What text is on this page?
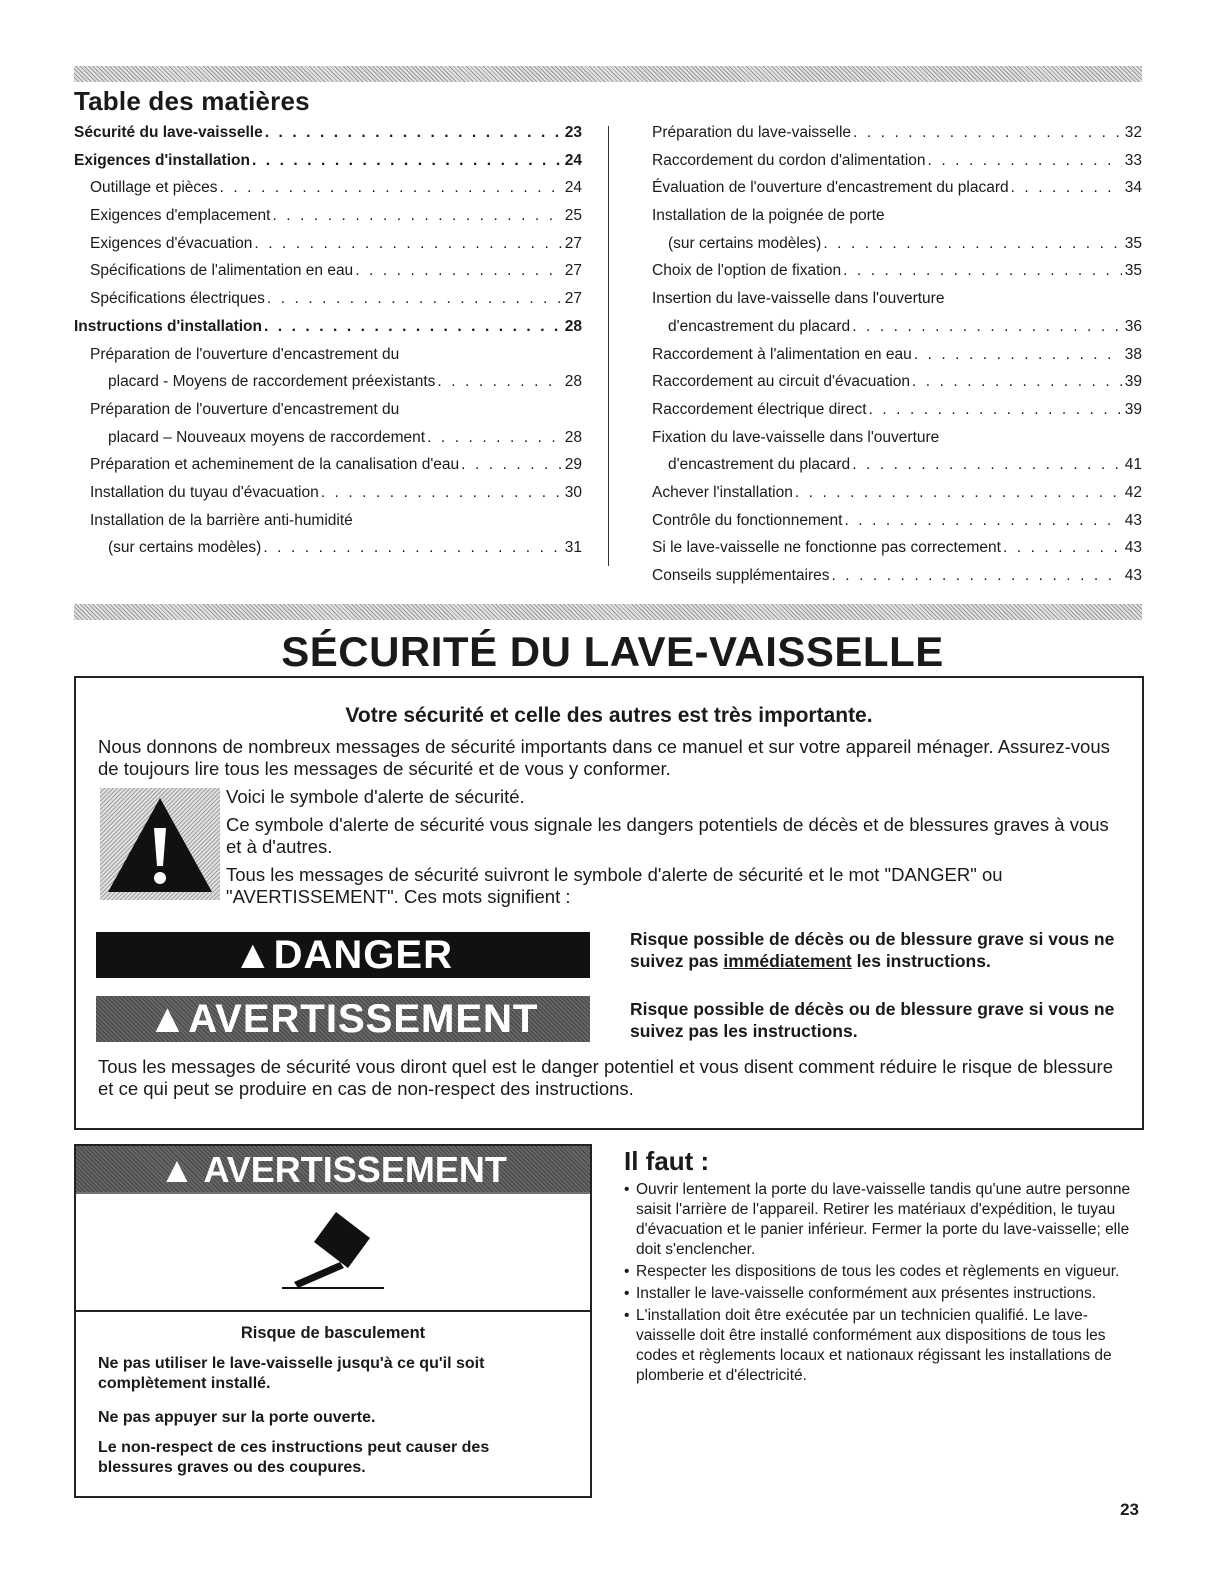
Table des matières
Sécurité du lave-vaisselle . . .	23
Exigences d'installation . . .	24
Outillage et pièces . . .	24
Exigences d'emplacement . . .	25
Exigences d'évacuation . . .	27
Spécifications de l'alimentation en eau . . .	27
Spécifications électriques . . .	27
Instructions d'installation . . .	28
Préparation de l'ouverture d'encastrement du
placard - Moyens de raccordement préexistants . . .	28
Préparation de l'ouverture d'encastrement du
placard – Nouveaux moyens de raccordement . . .	28
Préparation et acheminement de la canalisation d'eau . . .	29
Installation du tuyau d'évacuation . . .	30
Installation de la barrière anti-humidité
(sur certains modèles) . . .	31
Préparation du lave-vaisselle . . .	32
Raccordement du cordon d'alimentation . . .	33
Évaluation de l'ouverture d'encastrement du placard . . .	34
Installation de la poignée de porte
(sur certains modèles) . . .	35
Choix de l'option de fixation . . .	35
Insertion du lave-vaisselle dans l'ouverture
d'encastrement du placard . . .	36
Raccordement à l'alimentation en eau . . .	38
Raccordement au circuit d'évacuation . . .	39
Raccordement électrique direct . . .	39
Fixation du lave-vaisselle dans l'ouverture
d'encastrement du placard . . .	41
Achever l'installation . . .	42
Contrôle du fonctionnement . . .	43
Si le lave-vaisselle ne fonctionne pas correctement . . .	43
Conseils supplémentaires . . .	43
SÉCURITÉ DU LAVE-VAISSELLE
Votre sécurité et celle des autres est très importante.
Nous donnons de nombreux messages de sécurité importants dans ce manuel et sur votre appareil ménager. Assurez-vous de toujours lire tous les messages de sécurité et de vous y conformer.
Voici le symbole d'alerte de sécurité.
Ce symbole d'alerte de sécurité vous signale les dangers potentiels de décès et de blessures graves à vous et à d'autres.
Tous les messages de sécurité suivront le symbole d'alerte de sécurité et le mot "DANGER" ou "AVERTISSEMENT". Ces mots signifient :
▲DANGER	Risque possible de décès ou de blessure grave si vous ne suivez pas immédiatement les instructions.
▲AVERTISSEMENT	Risque possible de décès ou de blessure grave si vous ne suivez pas les instructions.
Tous les messages de sécurité vous diront quel est le danger potentiel et vous disent comment réduire le risque de blessure et ce qui peut se produire en cas de non-respect des instructions.
▲ AVERTISSEMENT
Risque de basculement
Ne pas utiliser le lave-vaisselle jusqu'à ce qu'il soit complètement installé.
Ne pas appuyer sur la porte ouverte.
Le non-respect de ces instructions peut causer des blessures graves ou des coupures.
Il faut :
• Ouvrir lentement la porte du lave-vaisselle tandis qu'une autre personne saisit l'arrière de l'appareil. Retirer les matériaux d'expédition, le tuyau d'évacuation et le panier inférieur. Fermer la porte du lave-vaisselle; elle doit s'enclencher.
• Respecter les dispositions de tous les codes et règlements en vigueur.
• Installer le lave-vaisselle conformément aux présentes instructions.
• L'installation doit être exécutée par un technicien qualifié. Le lave-vaisselle doit être installé conformément aux dispositions de tous les codes et règlements locaux et nationaux régissant les installations de plomberie et d'électricité.
23
